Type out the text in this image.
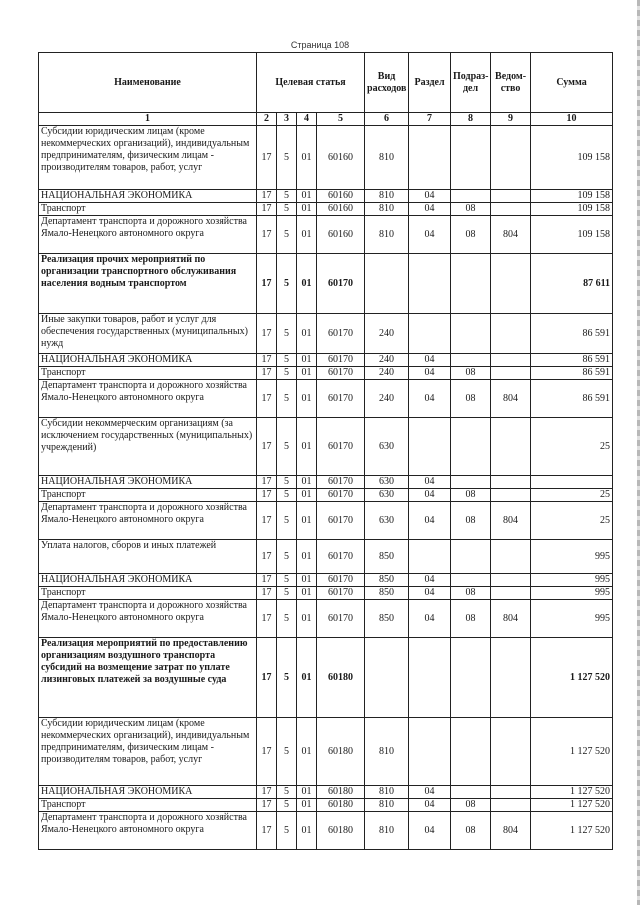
Страница 108
Наименование	Целевая статья				Вид расходов	Раздел	Подраз-дел	Ведом-ство	Сумма
1	2	3	4	5	6	7	8	9	10
Субсидии юридическим лицам (кроме некоммерческих организаций), индивидуальным предпринимателям, физическим лицам - производителям товаров, работ, услуг	17	5	01	60160	810				109 158
НАЦИОНАЛЬНАЯ ЭКОНОМИКА	17	5	01	60160	810	04			109 158
Транспорт	17	5	01	60160	810	04	08		109 158
Департамент транспорта и дорожного хозяйства Ямало-Ненецкого автономного округа	17	5	01	60160	810	04	08	804	109 158
Реализация прочих мероприятий по организации транспортного обслуживания населения водным транспортом	17	5	01	60170					87 611
Иные закупки товаров, работ и услуг для обеспечения государственных (муниципальных) нужд	17	5	01	60170	240				86 591
НАЦИОНАЛЬНАЯ ЭКОНОМИКА	17	5	01	60170	240	04			86 591
Транспорт	17	5	01	60170	240	04	08		86 591
Департамент транспорта и дорожного хозяйства Ямало-Ненецкого автономного округа	17	5	01	60170	240	04	08	804	86 591
Субсидии некоммерческим организациям (за исключением государственных (муниципальных) учреждений)	17	5	01	60170	630				25
НАЦИОНАЛЬНАЯ ЭКОНОМИКА	17	5	01	60170	630	04			
Транспорт	17	5	01	60170	630	04	08		25
Департамент транспорта и дорожного хозяйства Ямало-Ненецкого автономного округа	17	5	01	60170	630	04	08	804	25
Уплата налогов, сборов и иных платежей	17	5	01	60170	850				995
НАЦИОНАЛЬНАЯ ЭКОНОМИКА	17	5	01	60170	850	04			995
Транспорт	17	5	01	60170	850	04	08		995
Департамент транспорта и дорожного хозяйства Ямало-Ненецкого автономного округа	17	5	01	60170	850	04	08	804	995
Реализация мероприятий по предоставлению организациям воздушного транспорта субсидий на возмещение затрат по уплате лизинговых платежей за воздушные суда	17	5	01	60180					1 127 520
Субсидии юридическим лицам (кроме некоммерческих организаций), индивидуальным предпринимателям, физическим лицам - производителям товаров, работ, услуг	17	5	01	60180	810				1 127 520
НАЦИОНАЛЬНАЯ ЭКОНОМИКА	17	5	01	60180	810	04			1 127 520
Транспорт	17	5	01	60180	810	04	08		1 127 520
Департамент транспорта и дорожного хозяйства Ямало-Ненецкого автономного округа	17	5	01	60180	810	04	08	804	1 127 520
